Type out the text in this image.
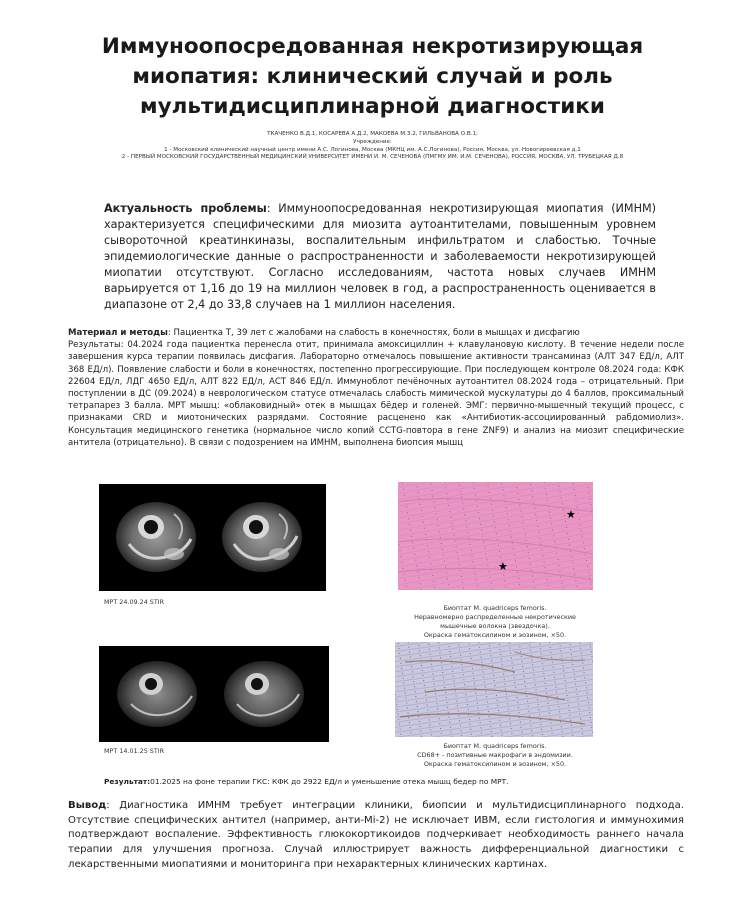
Иммуноопосредованная некротизирующая миопатия: клинический случай и роль мультидисциплинарной диагностики
ТКАЧЕНКО В.Д.1, КОСАРЕВА А.Д.2, МАКОЕВА М.З.2, ГИЛЬВАНОВА О.В.1;
Учреждение:
1 - Московский клинический научный центр имени А.С. Логинова, Москва (МКНЦ им. А.С.Логинова), Россия, Москва, ул. Новогиреевская д.1
2 - ПЕРВЫЙ МОСКОВСКИЙ ГОСУДАРСТВЕННЫЙ МЕДИЦИНСКИЙ УНИВЕРСИТЕТ ИМЕНИ И. М. СЕЧЕНОВА (ПМГМУ ИМ. И.М. СЕЧЕНОВА), РОССИЯ, МОСКВА, УЛ. ТРУБЕЦКАЯ Д.8
Актуальность проблемы: Иммуноопосредованная некротизирующая миопатия (ИМНМ) характеризуется специфическими для миозита аутоантителами, повышенным уровнем сывороточной креатинкиназы, воспалительным инфильтратом и слабостью. Точные эпидемиологические данные о распространенности и заболеваемости некротизирующей миопатии отсутствуют. Согласно исследованиям, частота новых случаев ИМНМ варьируется от 1,16 до 19 на миллион человек в год, а распространенность оценивается в диапазоне от 2,4 до 33,8 случаев на 1 миллион населения.

Материал и методы: Пациентка Т, 39 лет с жалобами на слабость в конечностях, боли в мышцах и дисфагию

Результаты: 04.2024 года пациентка перенесла отит, принимала амоксициллин + клавулановую кислоту. В течение недели после завершения курса терапии появилась дисфагия. Лабораторно отмечалось повышение активности трансаминаз (АЛТ 347 ЕД/л, АЛТ 368 ЕД/л). Появление слабости и боли в конечностях, постепенно прогрессирующие. При последующем контроле 08.2024 года: КФК 22604 ЕД/л, ЛДГ 4650 ЕД/л, АЛТ 822 ЕД/л, АСТ 846 ЕД/л. Иммуноблот печёночных аутоантител 08.2024 года – отрицательный. При поступлении в ДС (09.2024) в неврологическом статусе отмечалась слабость мимической мускулатуры до 4 баллов, проксимальный тетрапарез 3 балла. МРТ мышц: «облаковидный» отек в мышцах бёдер и голеней. ЭМГ: первично-мышечный текущий процесс, с признаками CRD и миотонических разрядами. Состояние расценено как «Антибиотик-ассоциированный рабдомиолиз». Консультация медицинского генетика (нормальное число копий CCTG-повтора в гене ZNF9) и анализ на миозит специфические антитела (отрицательно). В связи с подозрением на ИМНМ, выполнена биопсия мышц

МРТ 24.09.24 STIR
МРТ 14.01.25 STIR
★
★
Биоптат M. quadriceps femoris.
Неравномерно распределенные некротические
мышечные волокна (звездочка).
Окраска гематоксилином и эозином, ×50.
Биоптат M. quadriceps femoris.
CD68+ - позитивные макрофаги в эндомизии.
Окраска гематоксилином и эозином, ×50.
Результат:01.2025 на фоне терапии ГКС: КФК до 2922 ЕД/л и уменьшение отека мышц бедер по МРТ.
Вывод: Диагностика ИМНМ требует интеграции клиники, биопсии и мультидисциплинарного подхода. Отсутствие специфических антител (например, анти-Mi-2) не исключает ИВМ, если гистология и иммунохимия подтверждают воспаление. Эффективность глюкокортикоидов подчеркивает необходимость раннего начала терапии для улучшения прогноза. Случай иллюстрирует важность дифференциальной диагностики с лекарственными миопатиями и мониторинга при нехарактерных клинических картинах.
